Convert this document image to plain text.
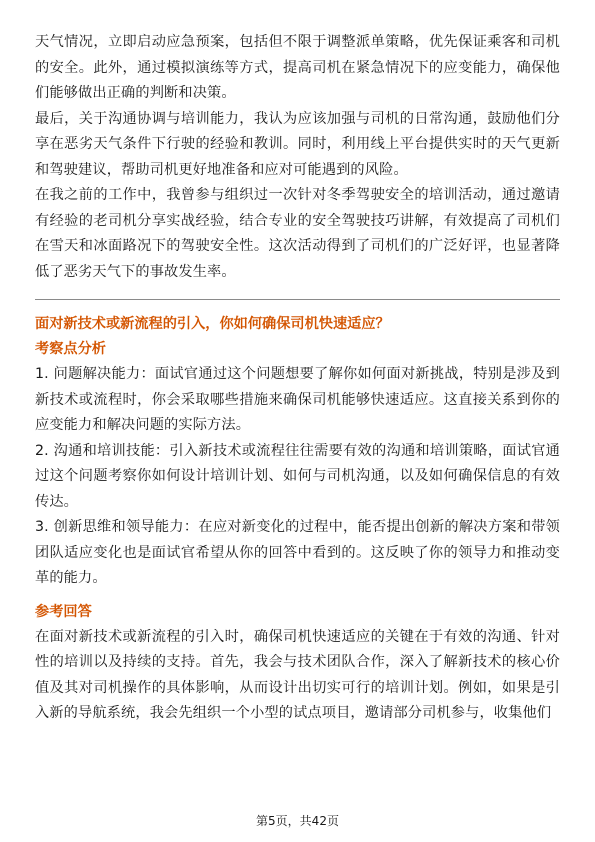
天气情况，立即启动应急预案，包括但不限于调整派单策略，优先保证乘客和司机的安全。此外，通过模拟演练等方式，提高司机在紧急情况下的应变能力，确保他们能够做出正确的判断和决策。

最后，关于沟通协调与培训能力，我认为应该加强与司机的日常沟通，鼓励他们分享在恶劣天气条件下行驶的经验和教训。同时，利用线上平台提供实时的天气更新和驾驶建议，帮助司机更好地准备和应对可能遇到的风险。

在我之前的工作中，我曾参与组织过一次针对冬季驾驶安全的培训活动，通过邀请有经验的老司机分享实战经验，结合专业的安全驾驶技巧讲解，有效提高了司机们在雪天和冰面路况下的驾驶安全性。这次活动得到了司机们的广泛好评，也显著降低了恶劣天气下的事故发生率。

面对新技术或新流程的引入，你如何确保司机快速适应？

考察点分析

1. 问题解决能力：面试官通过这个问题想要了解你如何面对新挑战，特别是涉及到新技术或流程时，你会采取哪些措施来确保司机能够快速适应。这直接关系到你的应变能力和解决问题的实际方法。

2. 沟通和培训技能：引入新技术或流程往往需要有效的沟通和培训策略，面试官通过这个问题考察你如何设计培训计划、如何与司机沟通，以及如何确保信息的有效传达。

3. 创新思维和领导能力：在应对新变化的过程中，能否提出创新的解决方案和带领团队适应变化也是面试官希望从你的回答中看到的。这反映了你的领导力和推动变革的能力。

参考回答

在面对新技术或新流程的引入时，确保司机快速适应的关键在于有效的沟通、针对性的培训以及持续的支持。首先，我会与技术团队合作，深入了解新技术的核心价值及其对司机操作的具体影响，从而设计出切实可行的培训计划。例如，如果是引入新的导航系统，我会先组织一个小型的试点项目，邀请部分司机参与，收集他们

第5页，共42页
